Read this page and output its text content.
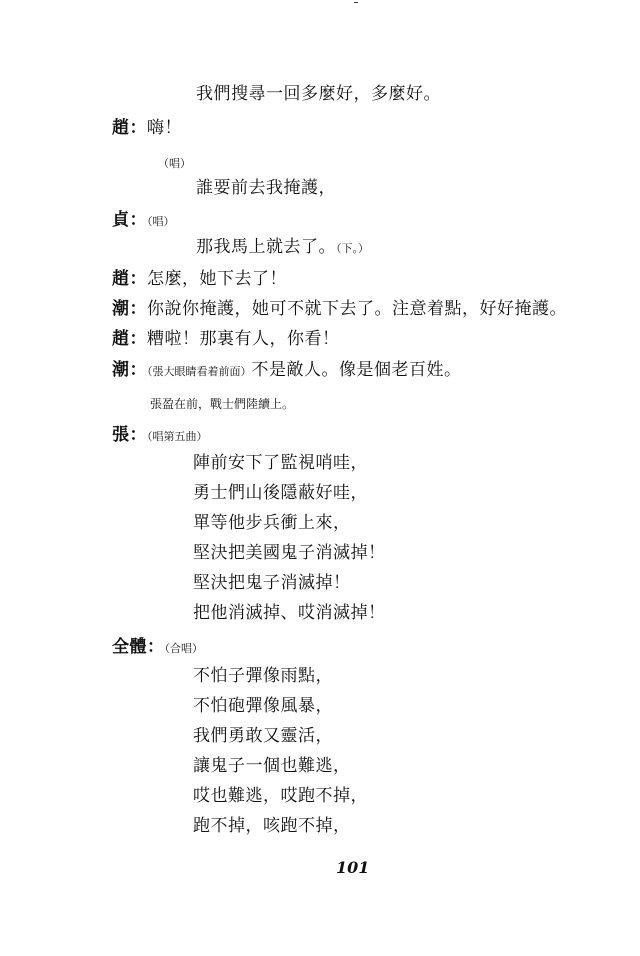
我們搜尋一回多麼好，多麼好。
趙：嗨！
（唱）
誰要前去我掩護，
貞：（唱）
那我馬上就去了。（下。）
趙：怎麼，她下去了！
潮：你說你掩護，她可不就下去了。注意着點，好好掩護。
趙：糟啦！那裏有人，你看！
潮：（張大眼睛看着前面）不是敵人。像是個老百姓。
張盈在前，戰士們陸續上。
張：（唱第五曲）
陣前安下了監視哨哇，
勇士們山後隱蔽好哇，
單等他步兵衝上來，
堅決把美國鬼子消滅掉！
堅決把鬼子消滅掉！
把他消滅掉、哎消滅掉！
全體：（合唱）
不怕子彈像雨點，
不怕砲彈像風暴，
我們勇敢又靈活，
讓鬼子一個也難逃，
哎也難逃，哎跑不掉，
跑不掉，咳跑不掉，
101
